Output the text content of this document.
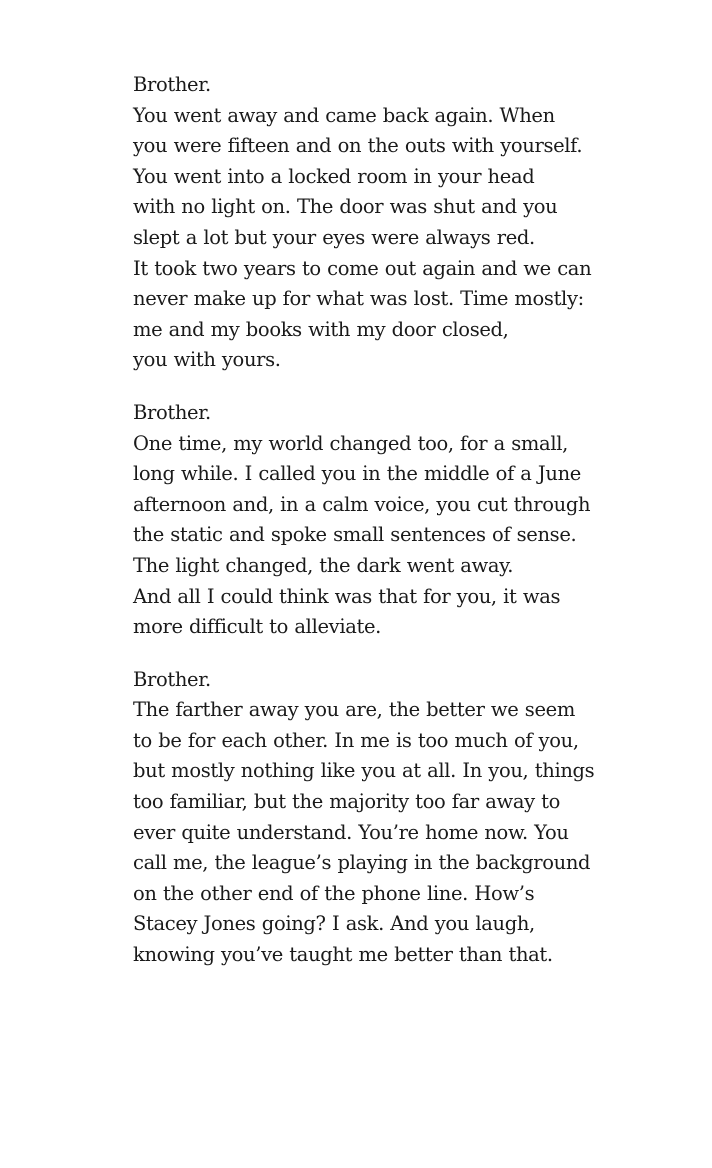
Brother.
You went away and came back again. When
you were fifteen and on the outs with yourself.
You went into a locked room in your head
with no light on. The door was shut and you
slept a lot but your eyes were always red.
It took two years to come out again and we can
never make up for what was lost. Time mostly:
me and my books with my door closed,
you with yours.
Brother.
One time, my world changed too, for a small,
long while. I called you in the middle of a June
afternoon and, in a calm voice, you cut through
the static and spoke small sentences of sense.
The light changed, the dark went away.
And all I could think was that for you, it was
more difficult to alleviate.
Brother.
The farther away you are, the better we seem
to be for each other. In me is too much of you,
but mostly nothing like you at all. In you, things
too familiar, but the majority too far away to
ever quite understand. You’re home now. You
call me, the league’s playing in the background
on the other end of the phone line. How’s
Stacey Jones going? I ask. And you laugh,
knowing you’ve taught me better than that.
